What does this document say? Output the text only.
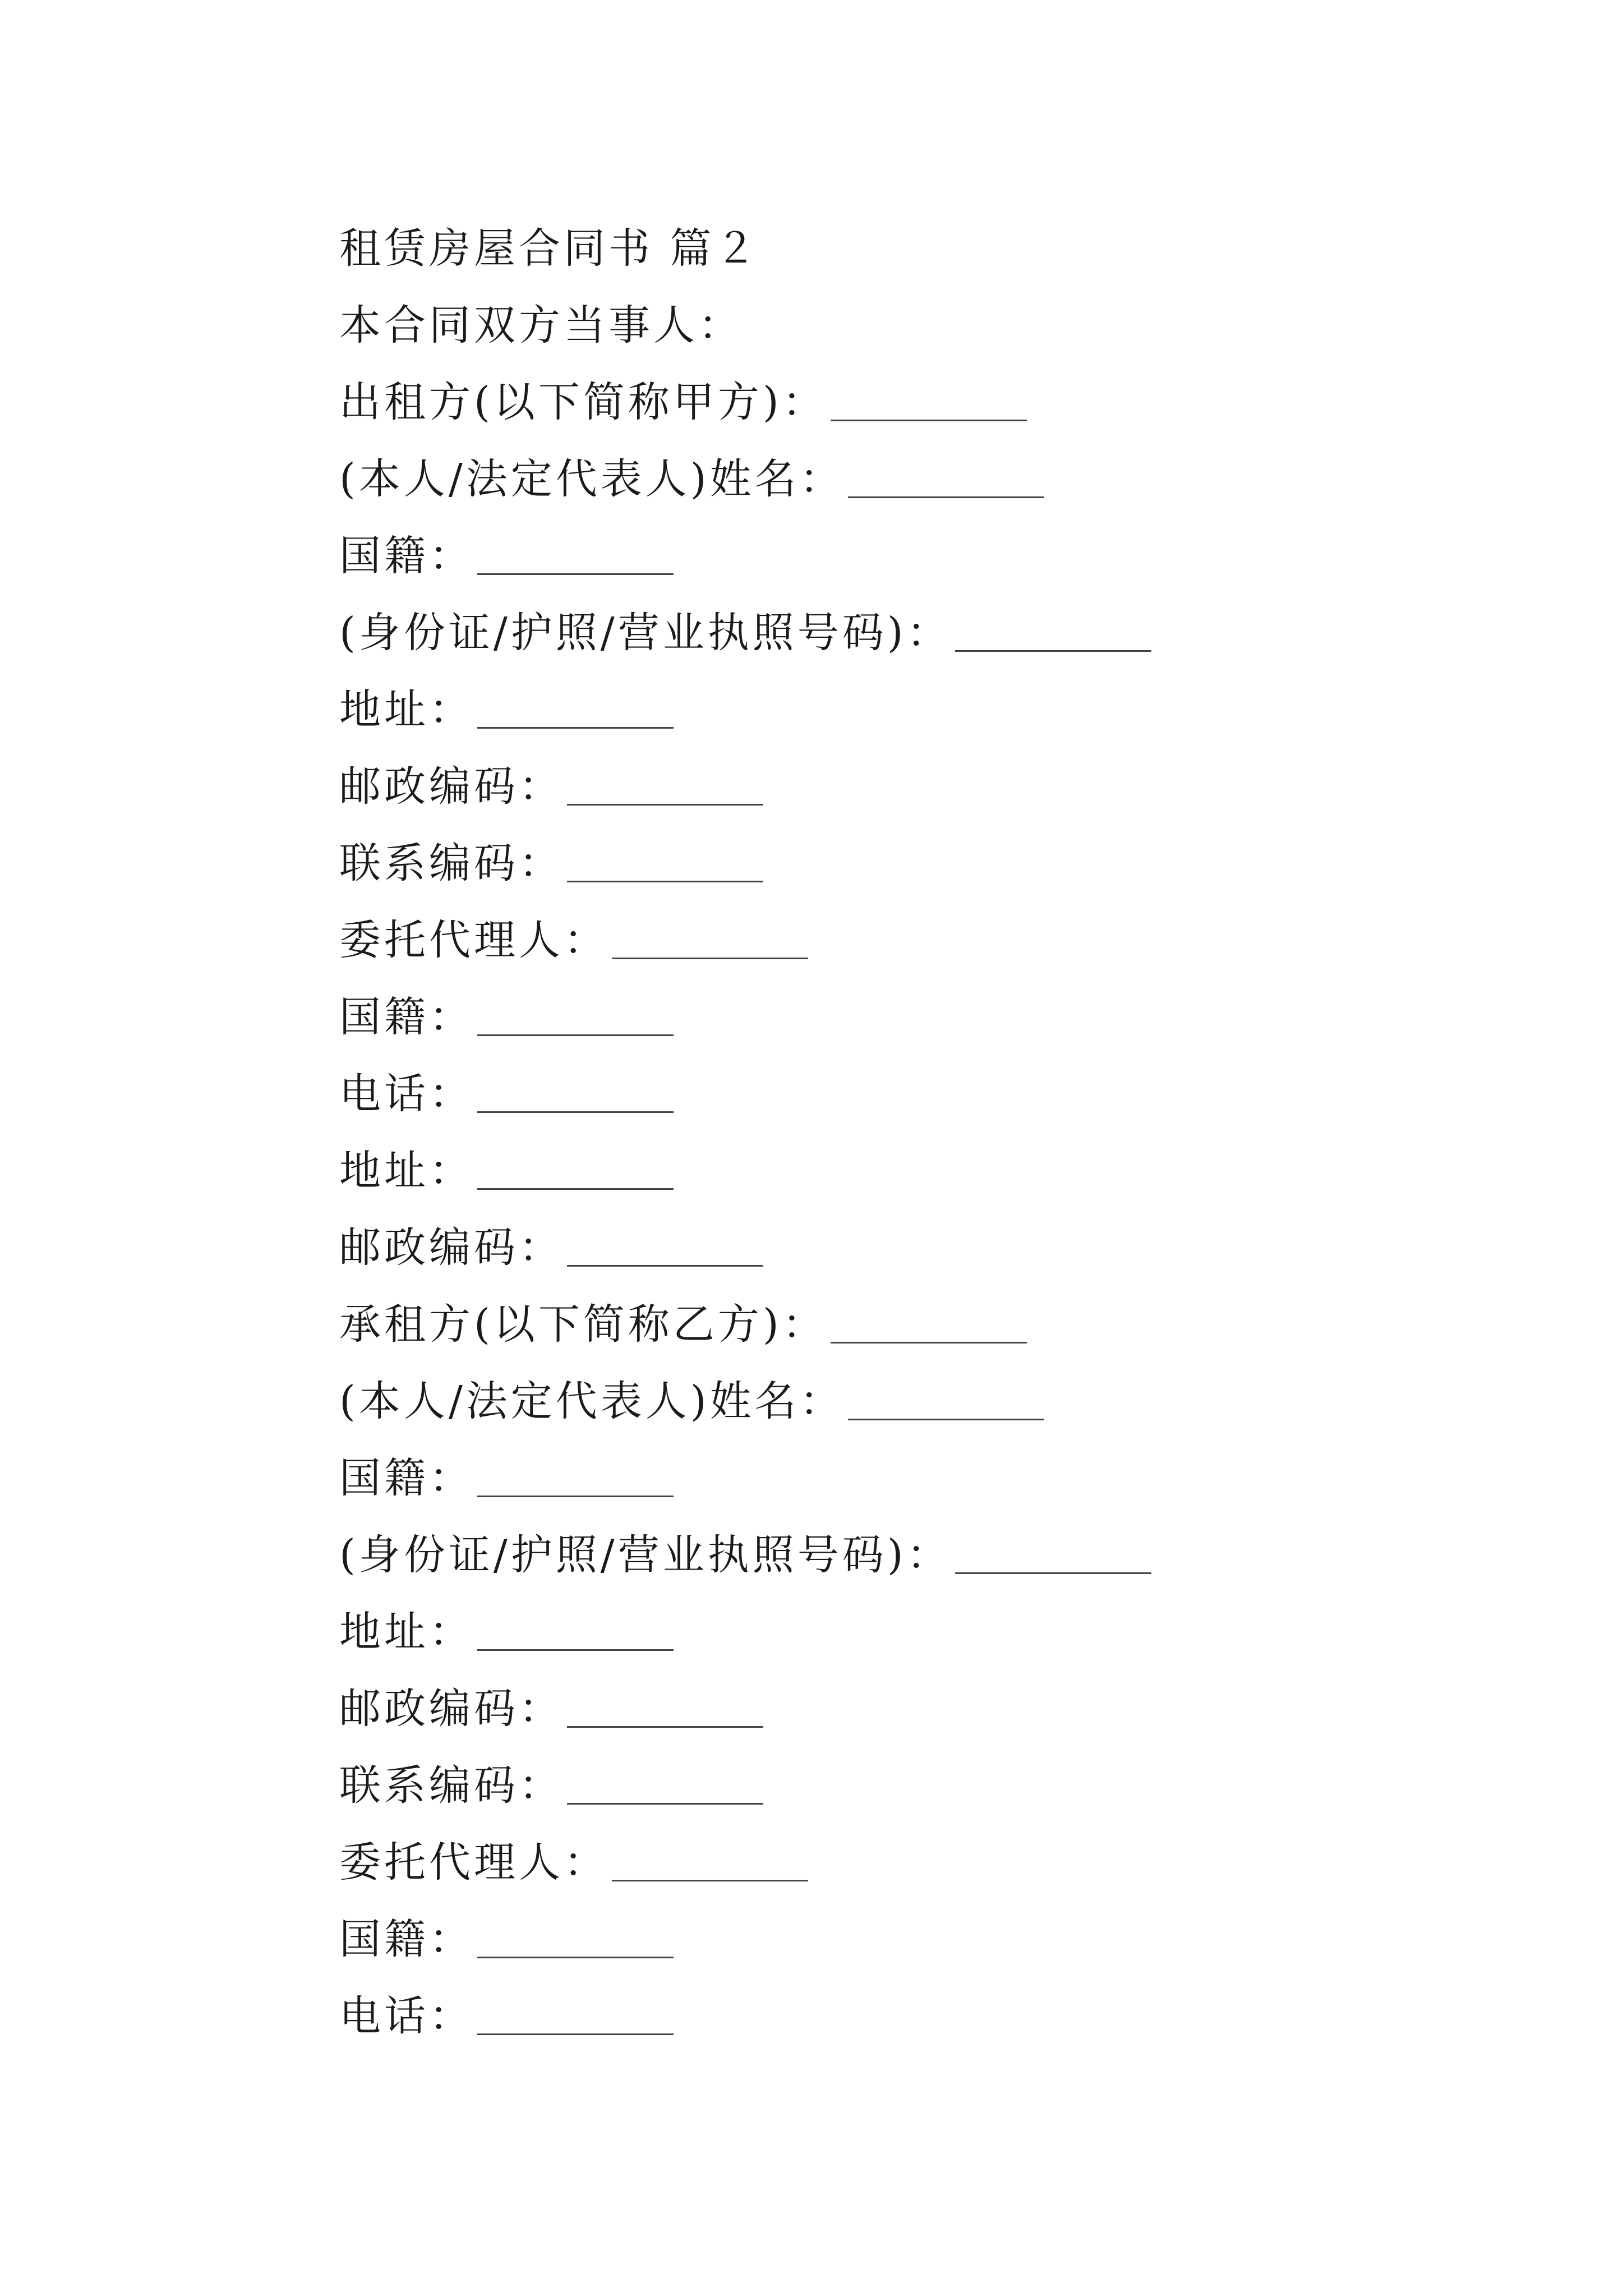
租赁房屋合同书 篇２
本合同双方当事人：
出租方(以下简称甲方)：
(本人/法定代表人)姓名：
国籍：
(身份证/护照/营业执照号码)：
地址：
邮政编码：
联系编码：
委托代理人：
国籍：
电话：
地址：
邮政编码：
承租方(以下简称乙方)：
(本人/法定代表人)姓名：
国籍：
(身份证/护照/营业执照号码)：
地址：
邮政编码：
联系编码：
委托代理人：
国籍：
电话：
